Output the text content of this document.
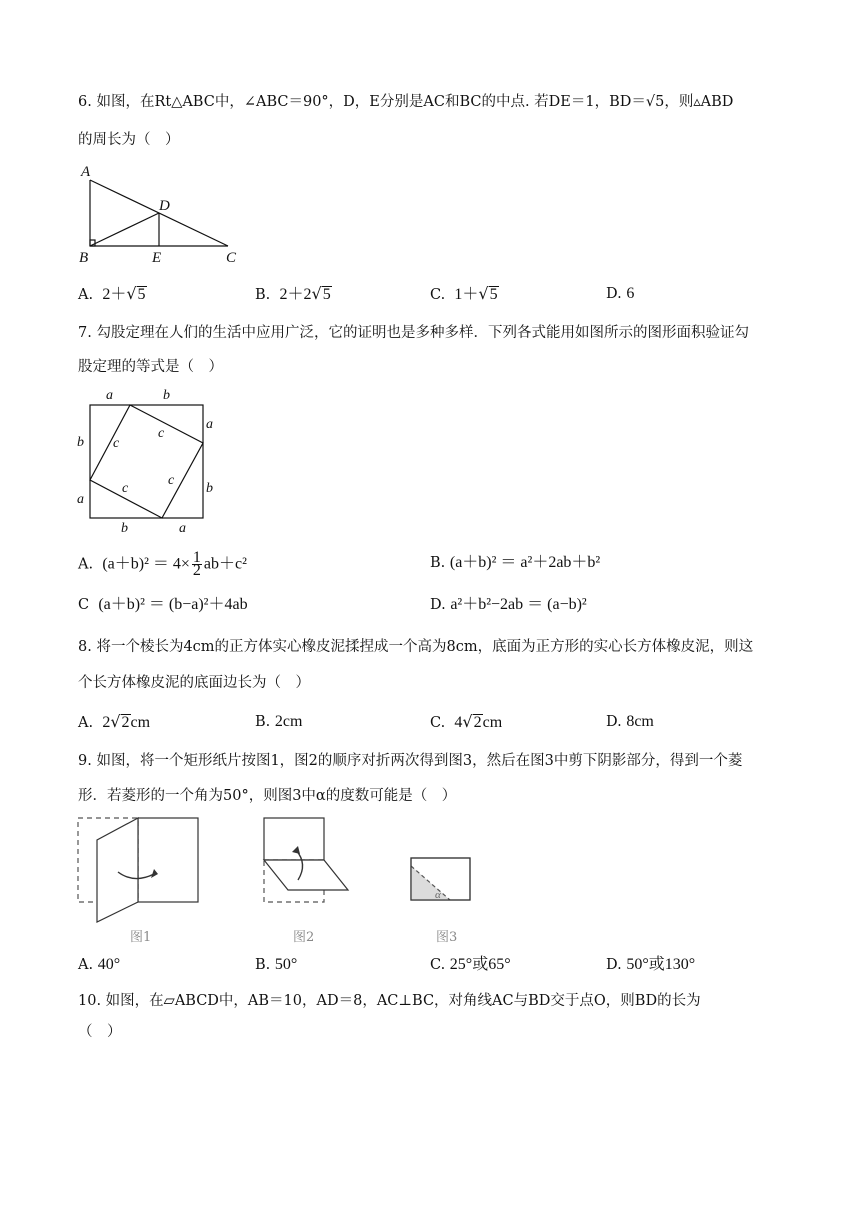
6. 如图，在Rt△ABC中，∠ABC＝90°，D，E分别是AC和BC的中点. 若DE＝1，BD＝√5，则▵ABD
的周长为（　）
A
D
B	E	C
A. 2＋√5	B. 2＋2√5	C. 1＋√5	D. 6
7. 勾股定理在人们的生活中应用广泛，它的证明也是多种多样．下列各式能用如图所示的图形面积验证勾
股定理的等式是（　）
a	b
b c
c
a
a
c
c
b
b	a
A. $(a+b)^2 = 4\times \frac{1}{2} ab+c^2$	B. (a＋b)² ＝ a²＋2ab＋b²
C (a＋b)² ＝ (b−a)²＋4ab	D. a²＋b²−2ab ＝ (a−b)²
8. 将一个棱长为4cm的正方体实心橡皮泥揉捏成一个高为8cm，底面为正方形的实心长方体橡皮泥，则这
个长方体橡皮泥的底面边长为（　）
A. 2√2cm	B. 2cm	C. 4√2cm	D. 8cm
9. 如图，将一个矩形纸片按图1，图2的顺序对折两次得到图3，然后在图3中剪下阴影部分，得到一个菱
形．若菱形的一个角为50°，则图3中α的度数可能是（　）
α
图1	图2	图3
A. 40°	B. 50°	C. 25°或65°	D. 50°或130°
10. 如图，在▱ABCD中，AB＝10，AD＝8，AC⊥BC，对角线AC与BD交于点O，则BD的长为
（　）
